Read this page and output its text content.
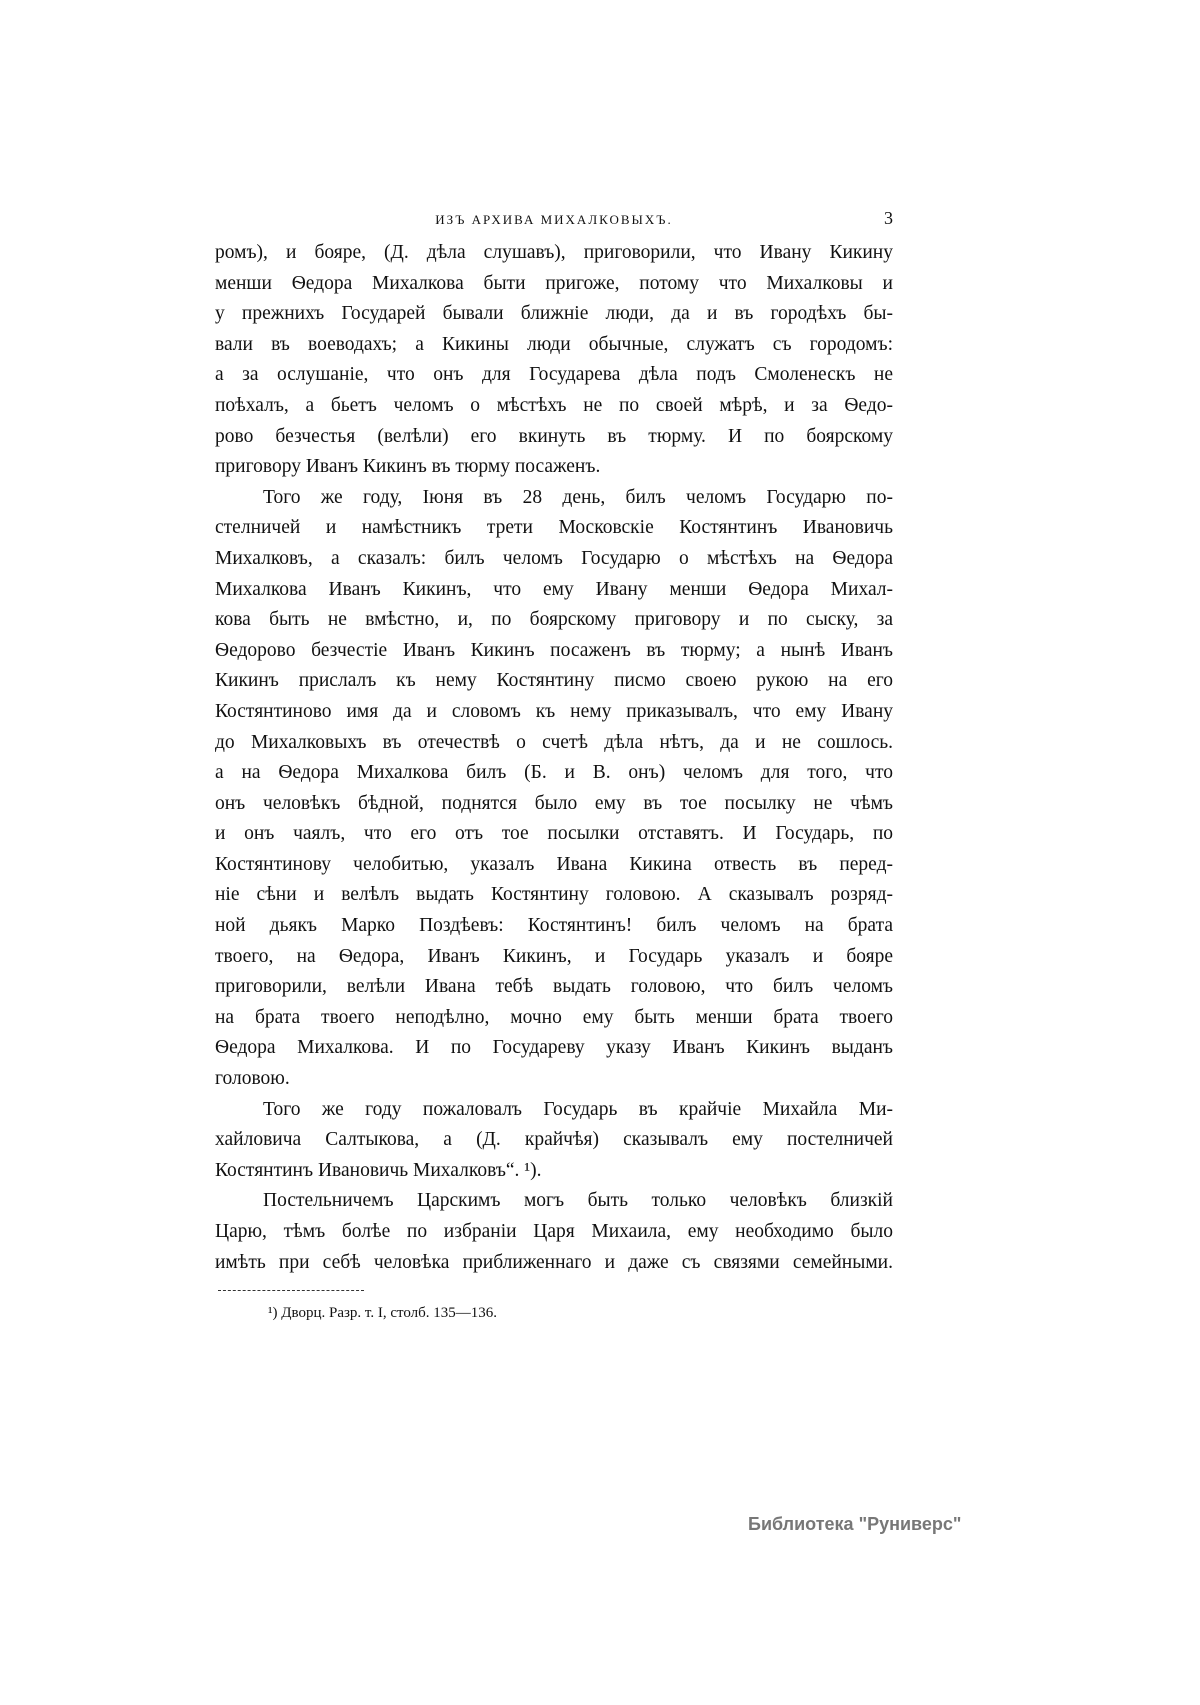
ИЗЪ АРХИВА МИХАЛКОВЫХЪ.	3
ромъ), и бояре, (Д. дѣла слушавъ), приговорили, что Ивану Кикину
менши Ѳедора Михалкова быти пригоже, потому что Михалковы и
у прежнихъ Государей бывали ближніе люди, да и въ городѣхъ бы-
вали въ воеводахъ; а Кикины люди обычные, служатъ съ городомъ:
а за ослушаніе, что онъ для Государева дѣла подъ Смоленескъ не
поѣхалъ, а бьетъ челомъ о мѣстѣхъ не по своей мѣрѣ, и за Ѳедо-
рово безчестья (велѣли) его вкинуть въ тюрму. И по боярскому
приговору Иванъ Кикинъ въ тюрму посаженъ.
Того же году, Іюня въ 28 день, билъ челомъ Государю по-
стелничей и намѣстникъ трети Московскіе Костянтинъ Ивановичь
Михалковъ, а сказалъ: билъ челомъ Государю о мѣстѣхъ на Ѳедора
Михалкова Иванъ Кикинъ, что ему Ивану менши Ѳедора Михал-
кова быть не вмѣстно, и, по боярскому приговору и по сыску, за
Ѳедорово безчестіе Иванъ Кикинъ посаженъ въ тюрму; а нынѣ Иванъ
Кикинъ прислалъ къ нему Костянтину писмо своею рукою на его
Костянтиново имя да и словомъ къ нему приказывалъ, что ему Ивану
до Михалковыхъ въ отечествѣ о счетѣ дѣла нѣтъ, да и не сошлось.
а на Ѳедора Михалкова билъ (Б. и В. онъ) челомъ для того, что
онъ человѣкъ бѣдной, поднятся было ему въ тое посылку не чѣмъ
и онъ чаялъ, что его отъ тое посылки отставятъ. И Государь, по
Костянтинову челобитью, указалъ Ивана Кикина отвесть въ перед-
ніе сѣни и велѣлъ выдать Костянтину головою. А сказывалъ розряд-
ной дьякъ Марко Поздѣевъ: Костянтинъ! билъ челомъ на брата
твоего, на Ѳедора, Иванъ Кикинъ, и Государь указалъ и бояре
приговорили, велѣли Ивана тебѣ выдать головою, что билъ челомъ
на брата твоего неподѣлно, мочно ему быть менши брата твоего
Ѳедора Михалкова. И по Государеву указу Иванъ Кикинъ выданъ
головою.
Того же году пожаловалъ Государь въ крайчіе Михайла Ми-
хайловича Салтыкова, а (Д. крайчѣя) сказывалъ ему постелничей
Костянтинъ Ивановичь Михалковъ“. ¹).
Постельничемъ Царскимъ могъ быть только человѣкъ близкій
Царю, тѣмъ болѣе по избраніи Царя Михаила, ему необходимо было
имѣть при себѣ человѣка приближеннаго и даже съ связями семейными.
¹) Дворц. Разр. т. I, столб. 135—136.
Библиотека "Руниверс"
